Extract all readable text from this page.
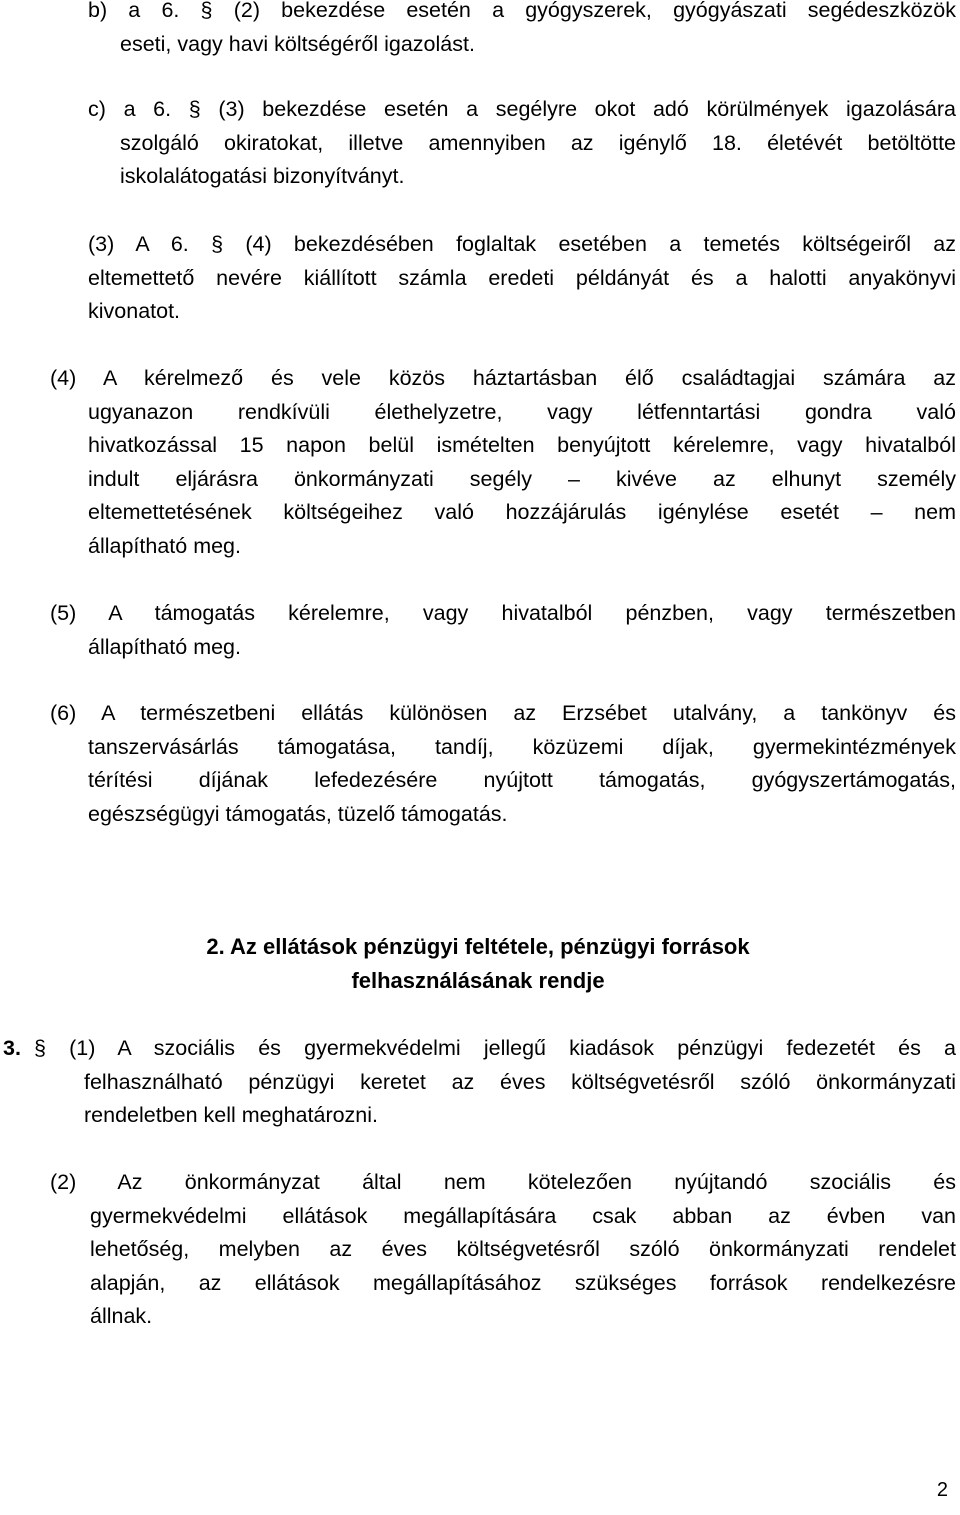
b) a 6. § (2) bekezdése esetén a gyógyszerek, gyógyászati segédeszközök
eseti, vagy havi költségéről igazolást.
c) a 6. § (3) bekezdése esetén a segélyre okot adó körülmények igazolására
szolgáló okiratokat, illetve amennyiben az igénylő 18. életévét betöltötte
iskolalátogatási bizonyítványt.
(3) A 6. § (4) bekezdésében foglaltak esetében a temetés költségeiről az
eltemettető nevére kiállított számla eredeti példányát és a halotti anyakönyvi
kivonatot.
(4) A kérelmező és vele közös háztartásban élő családtagjai számára az
ugyanazon rendkívüli élethelyzetre, vagy létfenntartási gondra való
hivatkozással 15 napon belül ismételten benyújtott kérelemre, vagy hivatalból
indult eljárásra önkormányzati segély – kivéve az elhunyt személy
eltemettetésének költségeihez való hozzájárulás igénylése esetét – nem
állapítható meg.
(5) A támogatás kérelemre, vagy hivatalból pénzben, vagy természetben
állapítható meg.
(6) A természetbeni ellátás különösen az Erzsébet utalvány, a tankönyv és
tanszervásárlás támogatása, tandíj, közüzemi díjak, gyermekintézmények
térítési díjának lefedezésére nyújtott támogatás, gyógyszertámogatás,
egészségügyi támogatás, tüzelő támogatás.
2. Az ellátások pénzügyi feltétele, pénzügyi források
felhasználásának rendje
3. § (1) A szociális és gyermekvédelmi jellegű kiadások pénzügyi fedezetét és a
felhasználható pénzügyi keretet az éves költségvetésről szóló önkormányzati
rendeletben kell meghatározni.
(2) Az önkormányzat által nem kötelezően nyújtandó szociális és
gyermekvédelmi ellátások megállapítására csak abban az évben van
lehetőség, melyben az éves költségvetésről szóló önkormányzati rendelet
alapján, az ellátások megállapításához szükséges források rendelkezésre
állnak.
2
